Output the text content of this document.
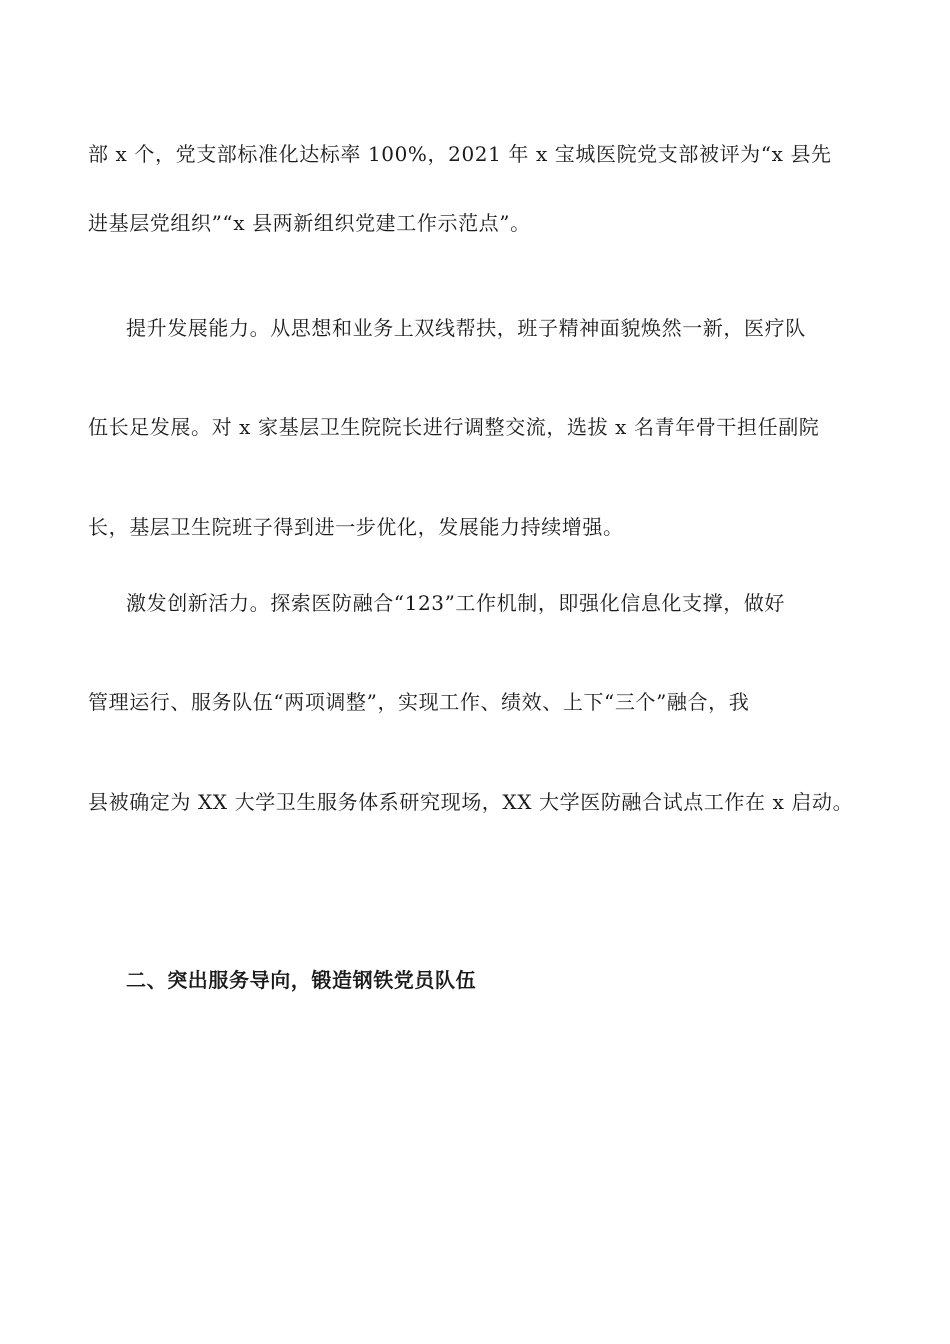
部 x 个，党支部标准化达标率 100%，2021 年 x 宝城医院党支部被评为“x 县先
进基层党组织”“x 县两新组织党建工作示范点”。
提升发展能力。从思想和业务上双线帮扶，班子精神面貌焕然一新，医疗队
伍长足发展。对 x 家基层卫生院院长进行调整交流，选拔 x 名青年骨干担任副院
长，基层卫生院班子得到进一步优化，发展能力持续增强。
激发创新活力。探索医防融合“123”工作机制，即强化信息化支撑，做好
管理运行、服务队伍“两项调整”，实现工作、绩效、上下“三个”融合，我
县被确定为 XX 大学卫生服务体系研究现场，XX 大学医防融合试点工作在 x 启动。
二、突出服务导向，锻造钢铁党员队伍
